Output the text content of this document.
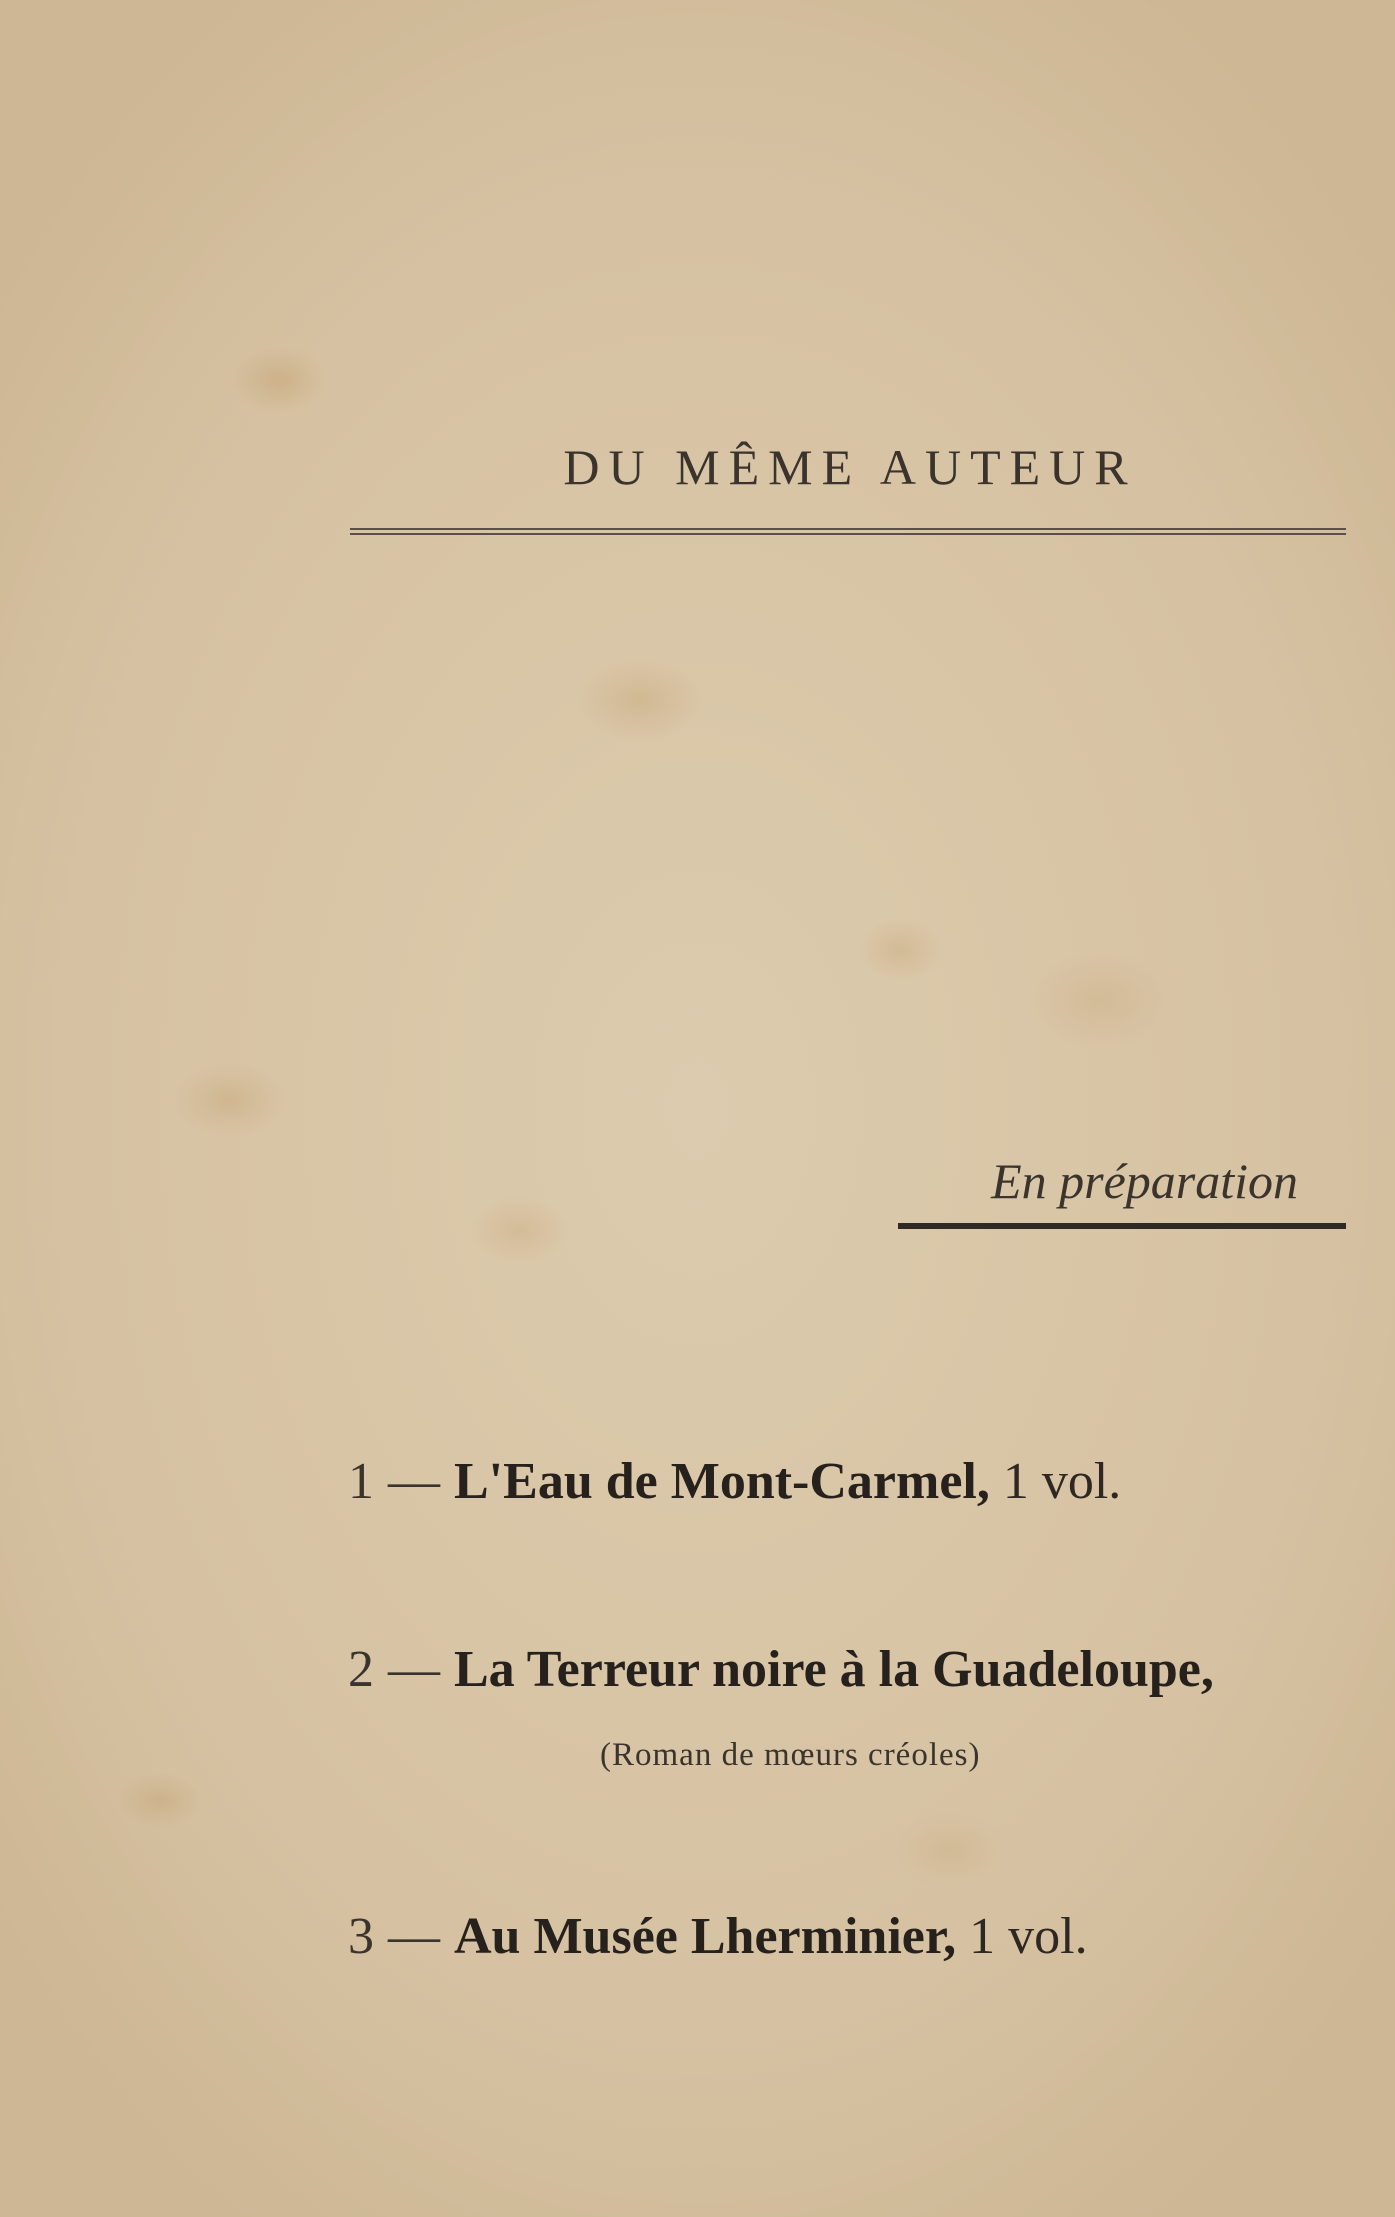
DU MÊME AUTEUR
En préparation
1 — L'Eau de Mont-Carmel, 1 vol.
2 — La Terreur noire à la Guadeloupe,
(Roman de mœurs créoles)
3 — Au Musée Lherminier, 1 vol.
